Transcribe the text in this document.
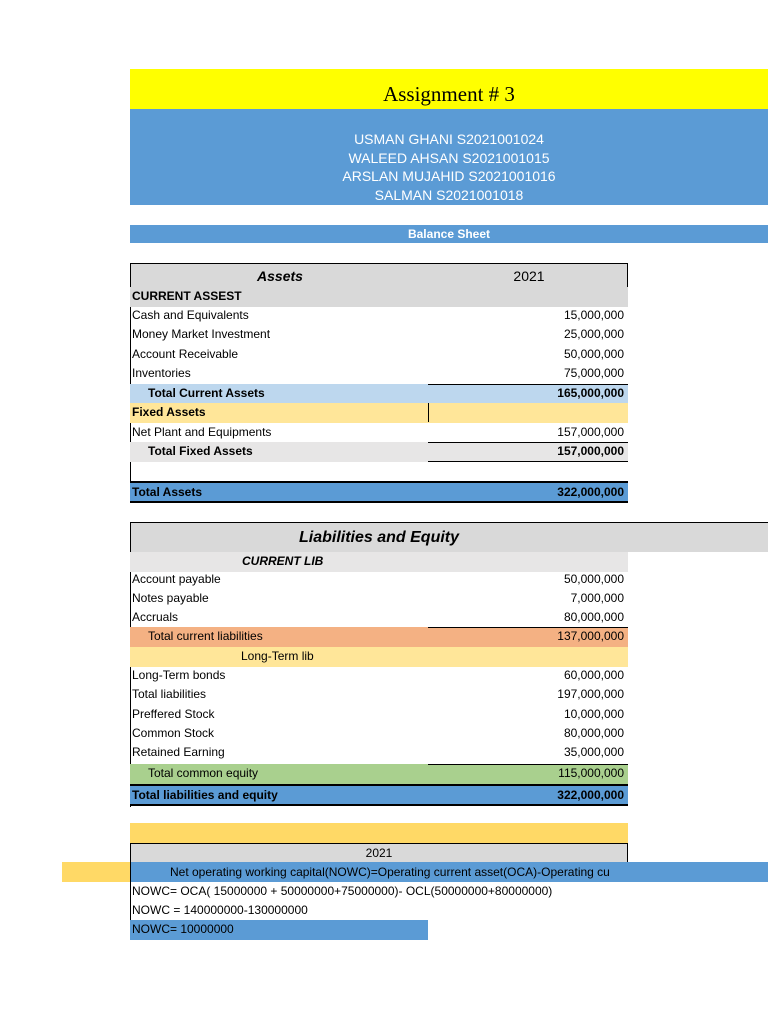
Assignment # 3
USMAN GHANI S2021001024
WALEED AHSAN S2021001015
ARSLAN MUJAHID S2021001016
SALMAN S2021001018
Balance Sheet
Assets	2021
CURRENT ASSEST
Cash and Equivalents	15,000,000
Money Market Investment	25,000,000
Account Receivable	50,000,000
Inventories	75,000,000
Total Current Assets	165,000,000
Fixed Assets
Net Plant and Equipments	157,000,000
Total Fixed Assets	157,000,000
Total Assets	322,000,000
Liabilities and Equity
CURRENT LIB
Account payable	50,000,000
Notes payable	7,000,000
Accruals	80,000,000
Total current liabilities	137,000,000
Long-Term lib
Long-Term bonds	60,000,000
Total liabilities	197,000,000
Preffered Stock	10,000,000
Common Stock	80,000,000
Retained Earning	35,000,000
Total common equity	115,000,000
Total liabilities and equity	322,000,000
2021
Net operating working capital(NOWC)=Operating current asset(OCA)-Operating cu
NOWC= OCA( 15000000 + 50000000+75000000)- OCL(50000000+80000000)
NOWC = 140000000-130000000
NOWC= 10000000
